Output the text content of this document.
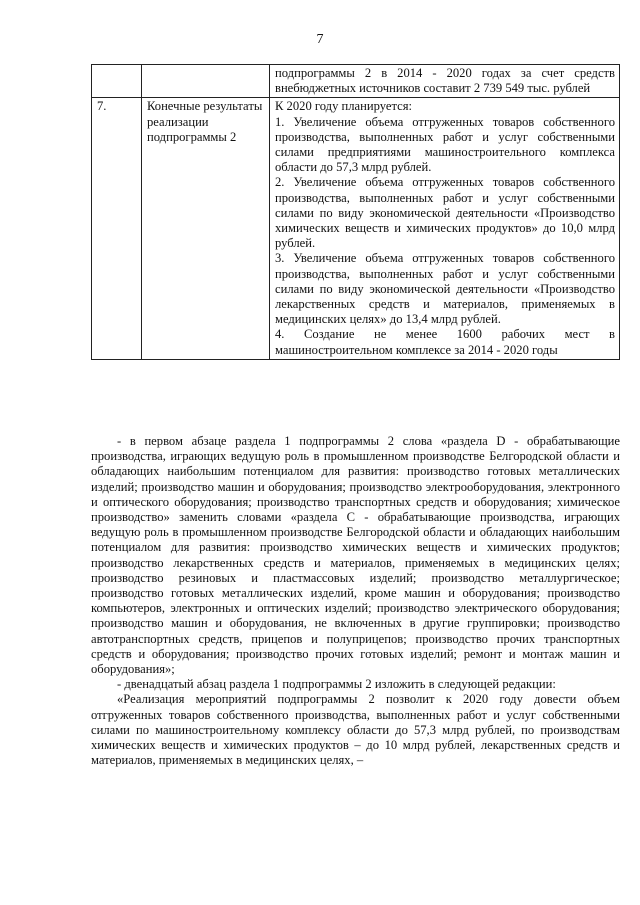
7
		подпрограммы 2 в 2014 - 2020 годах за счет средств внебюджетных источников составит 2 739 549 тыс. рублей
7.	Конечные результаты реализации подпрограммы 2	К 2020 году планируется:
1. Увеличение объема отгруженных товаров собственного производства, выполненных работ и услуг собственными силами предприятиями машиностроительного комплекса области до 57,3 млрд рублей.
2. Увеличение объема отгруженных товаров собственного производства, выполненных работ и услуг собственными силами по виду экономической деятельности «Производство химических веществ и химических продуктов» до 10,0 млрд рублей.
3. Увеличение объема отгруженных товаров собственного производства, выполненных работ и услуг собственными силами по виду экономической деятельности «Производство лекарственных средств и материалов, применяемых в медицинских целях» до 13,4 млрд рублей.
4. Создание не менее 1600 рабочих мест в машиностроительном комплексе за 2014 - 2020 годы

- в первом абзаце раздела 1 подпрограммы 2 слова «раздела D - обрабатывающие производства, играющих ведущую роль в промышленном производстве Белгородской области и обладающих наибольшим потенциалом для развития: производство готовых металлических изделий; производство машин и оборудования; производство электрооборудования, электронного и оптического оборудования; производство транспортных средств и оборудования; химическое производство» заменить словами «раздела С - обрабатывающие производства, играющих ведущую роль в промышленном производстве Белгородской области и обладающих наибольшим потенциалом для развития: производство химических веществ и химических продуктов; производство лекарственных средств и материалов, применяемых в медицинских целях; производство резиновых и пластмассовых изделий; производство металлургическое; производство готовых металлических изделий, кроме машин и оборудования; производство компьютеров, электронных и оптических изделий; производство электрического оборудования; производство машин и оборудования, не включенных в другие группировки; производство автотранспортных средств, прицепов и полуприцепов; производство прочих транспортных средств и оборудования; производство прочих готовых изделий; ремонт и монтаж машин и оборудования»;

- двенадцатый абзац раздела 1 подпрограммы 2 изложить в следующей редакции:

«Реализация мероприятий подпрограммы 2 позволит к 2020 году довести объем отгруженных товаров собственного производства, выполненных работ и услуг собственными силами по машиностроительному комплексу области до 57,3 млрд рублей, по производствам химических веществ и химических продуктов – до 10 млрд рублей, лекарственных средств и материалов, применяемых в медицинских целях, –
